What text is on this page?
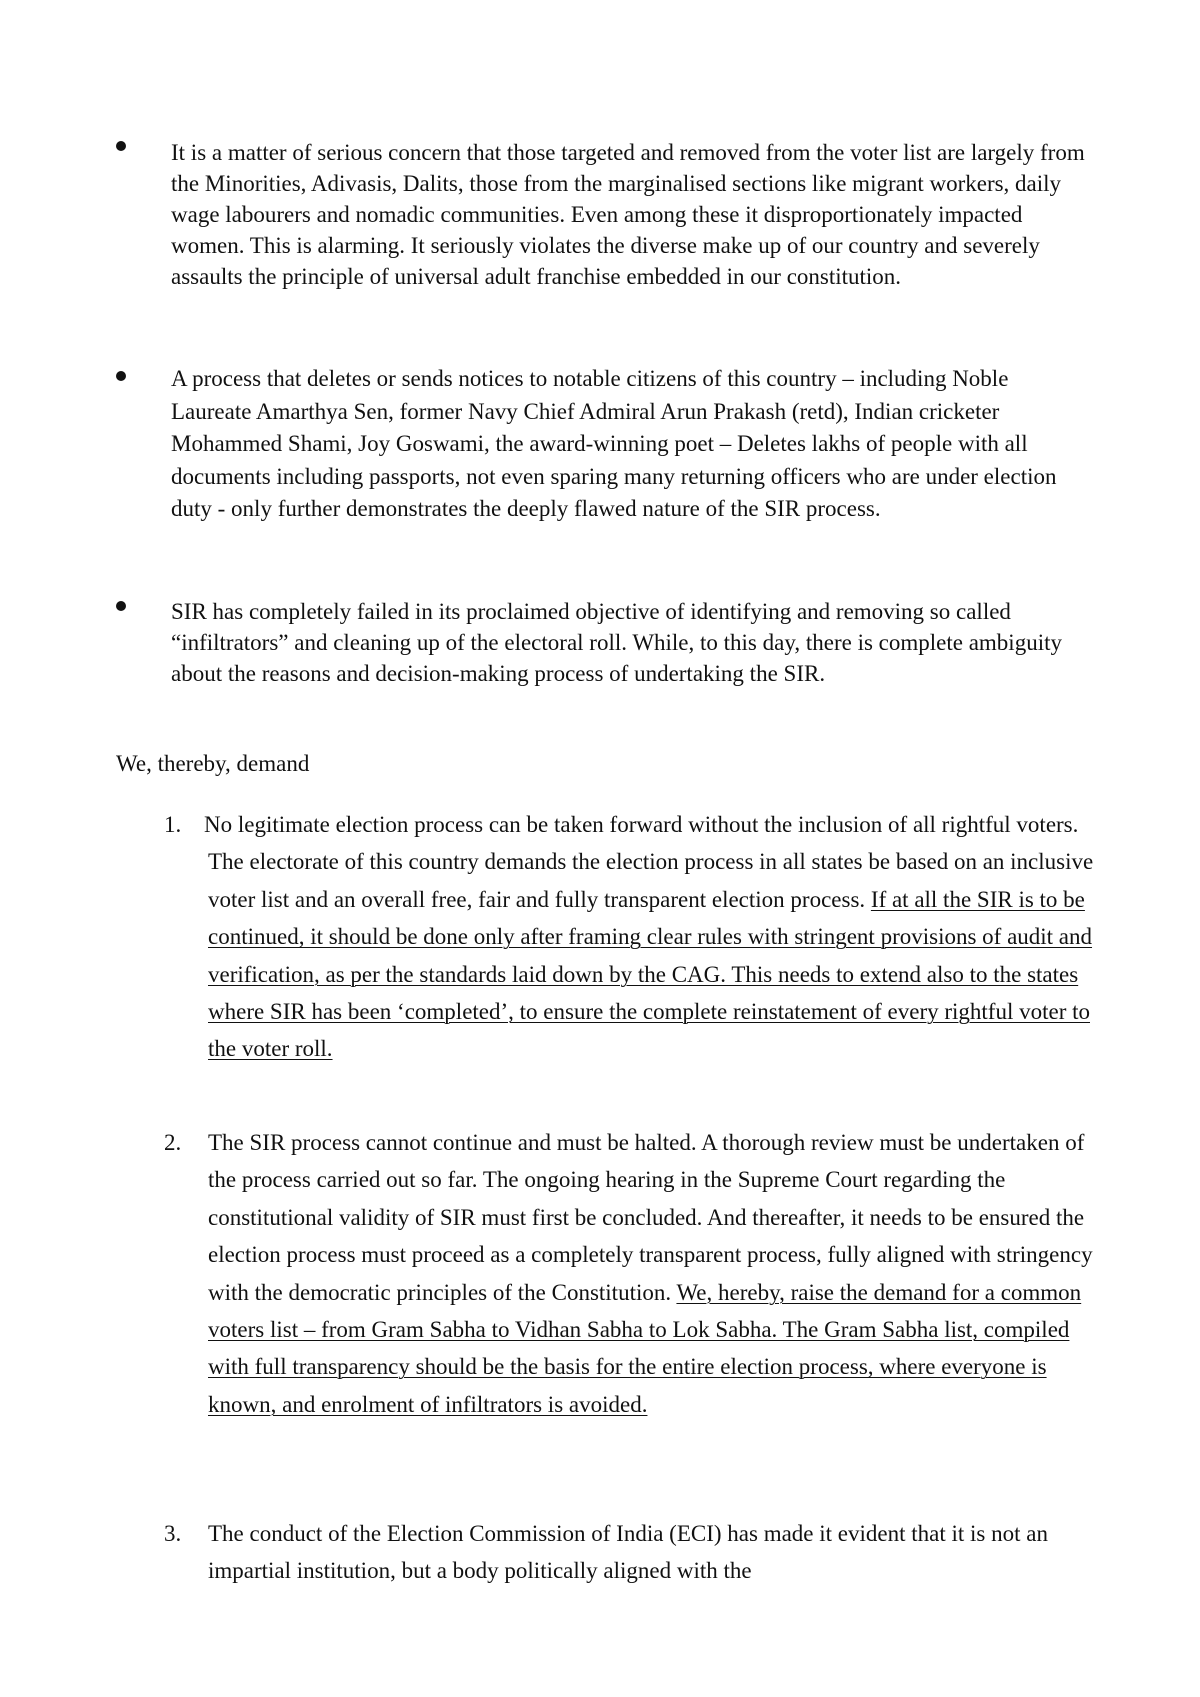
It is a matter of serious concern that those targeted and removed from the voter list are largely from the Minorities, Adivasis, Dalits, those from the marginalised sections like migrant workers, daily wage labourers and nomadic communities. Even among these it disproportionately impacted women. This is alarming. It seriously violates the diverse make up of our country and severely assaults the principle of universal adult franchise embedded in our constitution.

A process that deletes or sends notices to notable citizens of this country – including Noble Laureate Amarthya Sen, former Navy Chief Admiral Arun Prakash (retd), Indian cricketer Mohammed Shami, Joy Goswami, the award-winning poet – Deletes lakhs of people with all documents including passports, not even sparing many returning officers who are under election duty - only further demonstrates the deeply flawed nature of the SIR process.

SIR has completely failed in its proclaimed objective of identifying and removing so called “infiltrators” and cleaning up of the electoral roll. While, to this day, there is complete ambiguity about the reasons and decision-making process of undertaking the SIR.

We, thereby, demand

1. No legitimate election process can be taken forward without the inclusion of all rightful voters. The electorate of this country demands the election process in all states be based on an inclusive voter list and an overall free, fair and fully transparent election process. If at all the SIR is to be continued, it should be done only after framing clear rules with stringent provisions of audit and verification, as per the standards laid down by the CAG. This needs to extend also to the states where SIR has been ‘completed’, to ensure the complete reinstatement of every rightful voter to the voter roll.

2. The SIR process cannot continue and must be halted. A thorough review must be undertaken of the process carried out so far. The ongoing hearing in the Supreme Court regarding the constitutional validity of SIR must first be concluded. And thereafter, it needs to be ensured the election process must proceed as a completely transparent process, fully aligned with stringency with the democratic principles of the Constitution. We, hereby, raise the demand for a common voters list – from Gram Sabha to Vidhan Sabha to Lok Sabha. The Gram Sabha list, compiled with full transparency should be the basis for the entire election process, where everyone is known, and enrolment of infiltrators is avoided.

3. The conduct of the Election Commission of India (ECI) has made it evident that it is not an impartial institution, but a body politically aligned with the
